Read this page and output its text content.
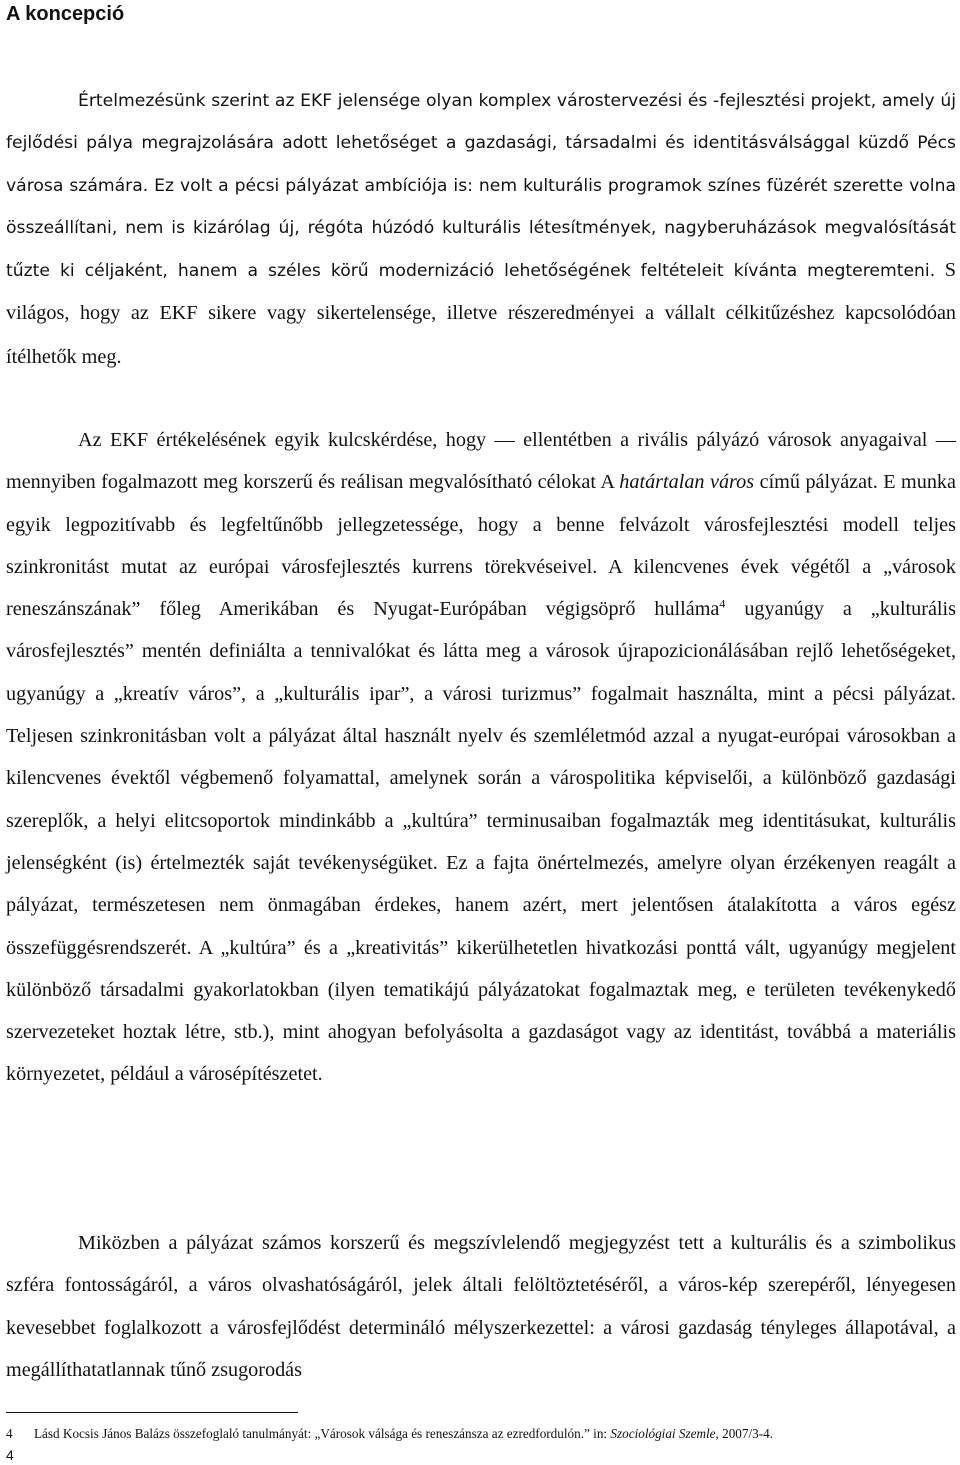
A koncepció

Értelmezésünk szerint az EKF jelensége olyan komplex várostervezési és -fejlesztési projekt, amely új fejlődési pálya megrajzolására adott lehetőséget a gazdasági, társadalmi és identitásválsággal küzdő Pécs városa számára. Ez volt a pécsi pályázat ambíciója is: nem kulturális programok színes füzérét szerette volna összeállítani, nem is kizárólag új, régóta húzódó kulturális létesítmények, nagyberuházások megvalósítását tűzte ki céljaként, hanem a széles körű modernizáció lehetőségének feltételeit kívánta megteremteni. S világos, hogy az EKF sikere vagy sikertelensége, illetve részeredményei a vállalt célkitűzéshez kapcsolódóan ítélhetők meg.

Az EKF értékelésének egyik kulcskérdése, hogy ― ellentétben a rivális pályázó városok anyagaival ― mennyiben fogalmazott meg korszerű és reálisan megvalósítható célokat A határtalan város című pályázat. E munka egyik legpozitívabb és legfeltűnőbb jellegzetessége, hogy a benne felvázolt városfejlesztési modell teljes szinkronitást mutat az európai városfejlesztés kurrens törekvéseivel. A kilencvenes évek végétől a „városok reneszánszának” főleg Amerikában és Nyugat-Európában végigsöprő hulláma$^4$ ugyanúgy a „kulturális városfejlesztés” mentén definiálta a tennivalókat és látta meg a városok újrapozicionálásában rejlő lehetőségeket, ugyanúgy a „kreatív város”, a „kulturális ipar”, a városi turizmus” fogalmait használta, mint a pécsi pályázat. Teljesen szinkronitásban volt a pályázat által használt nyelv és szemléletmód azzal a nyugat-európai városokban a kilencvenes évektől végbemenő folyamattal, amelynek során a várospolitika képviselői, a különböző gazdasági szereplők, a helyi elitcsoportok mindinkább a „kultúra” terminusaiban fogalmazták meg identitásukat, kulturális jelenségként (is) értelmezték saját tevékenységüket. Ez a fajta önértelmezés, amelyre olyan érzékenyen reagált a pályázat, természetesen nem önmagában érdekes, hanem azért, mert jelentősen átalakította a város egész összefüggésrendszerét. A „kultúra” és a „kreativitás” kikerülhetetlen hivatkozási ponttá vált, ugyanúgy megjelent különböző társadalmi gyakorlatokban (ilyen tematikájú pályázatokat fogalmaztak meg, e területen tevékenykedő szervezeteket hoztak létre, stb.), mint ahogyan befolyásolta a gazdaságot vagy az identitást, továbbá a materiális környezetet, például a városépítészetet.

Miközben a pályázat számos korszerű és megszívlelendő megjegyzést tett a kulturális és a szimbolikus szféra fontosságáról, a város olvashatóságáról, jelek általi felöltöztetéséről, a város-kép szerepéről, lényegesen kevesebbet foglalkozott a városfejlődést determináló mélyszerkezettel: a városi gazdaság tényleges állapotával, a megállíthatatlannak tűnő zsugorodás

4 Lásd Kocsis János Balázs összefoglaló tanulmányát: „Városok válsága és reneszánsza az ezredfordulón.” in: Szociológiai Szemle, 2007/3-4.

4
